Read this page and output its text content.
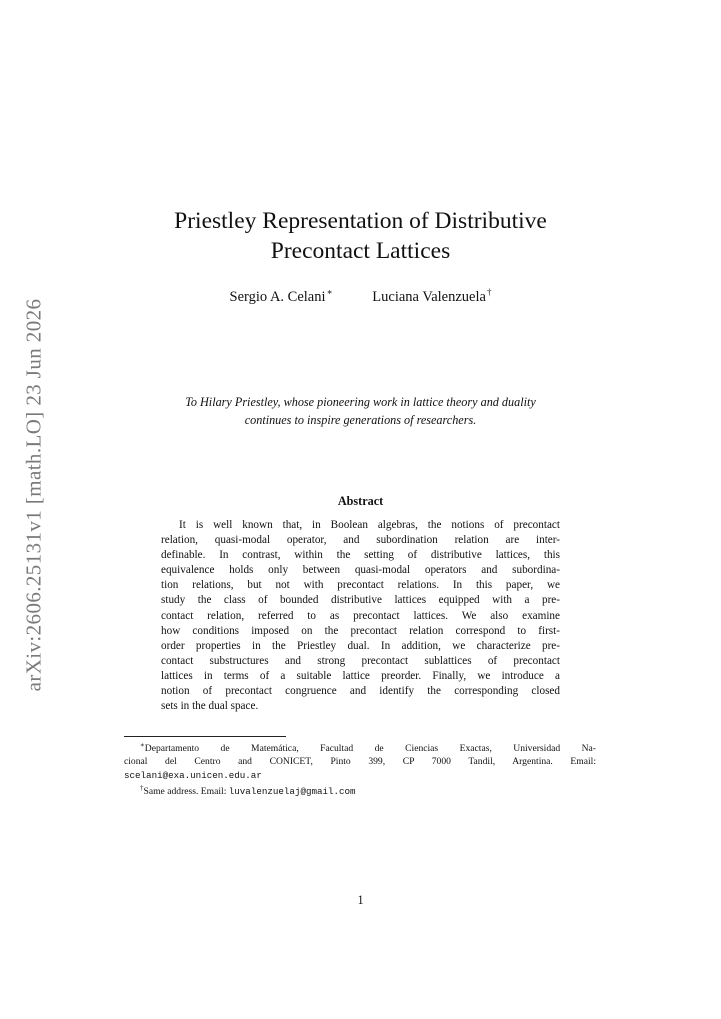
arXiv:2606.25131v1 [math.LO] 23 Jun 2026
Priestley Representation of Distributive
Precontact Lattices
Sergio A. Celani∗	Luciana Valenzuela†
To Hilary Priestley, whose pioneering work in lattice theory and duality
continues to inspire generations of researchers.
Abstract
It is well known that, in Boolean algebras, the notions of precontact
relation, quasi-modal operator, and subordination relation are inter-
definable. In contrast, within the setting of distributive lattices, this
equivalence holds only between quasi-modal operators and subordina-
tion relations, but not with precontact relations. In this paper, we
study the class of bounded distributive lattices equipped with a pre-
contact relation, referred to as precontact lattices. We also examine
how conditions imposed on the precontact relation correspond to first-
order properties in the Priestley dual. In addition, we characterize pre-
contact substructures and strong precontact sublattices of precontact
lattices in terms of a suitable lattice preorder. Finally, we introduce a
notion of precontact congruence and identify the corresponding closed
sets in the dual space.
∗Departamento de Matemática, Facultad de Ciencias Exactas, Universidad Na-
cional del Centro and CONICET, Pinto 399, CP 7000 Tandil, Argentina. Email:
scelani@exa.unicen.edu.ar
†Same address. Email: luvalenzuelaj@gmail.com
1
